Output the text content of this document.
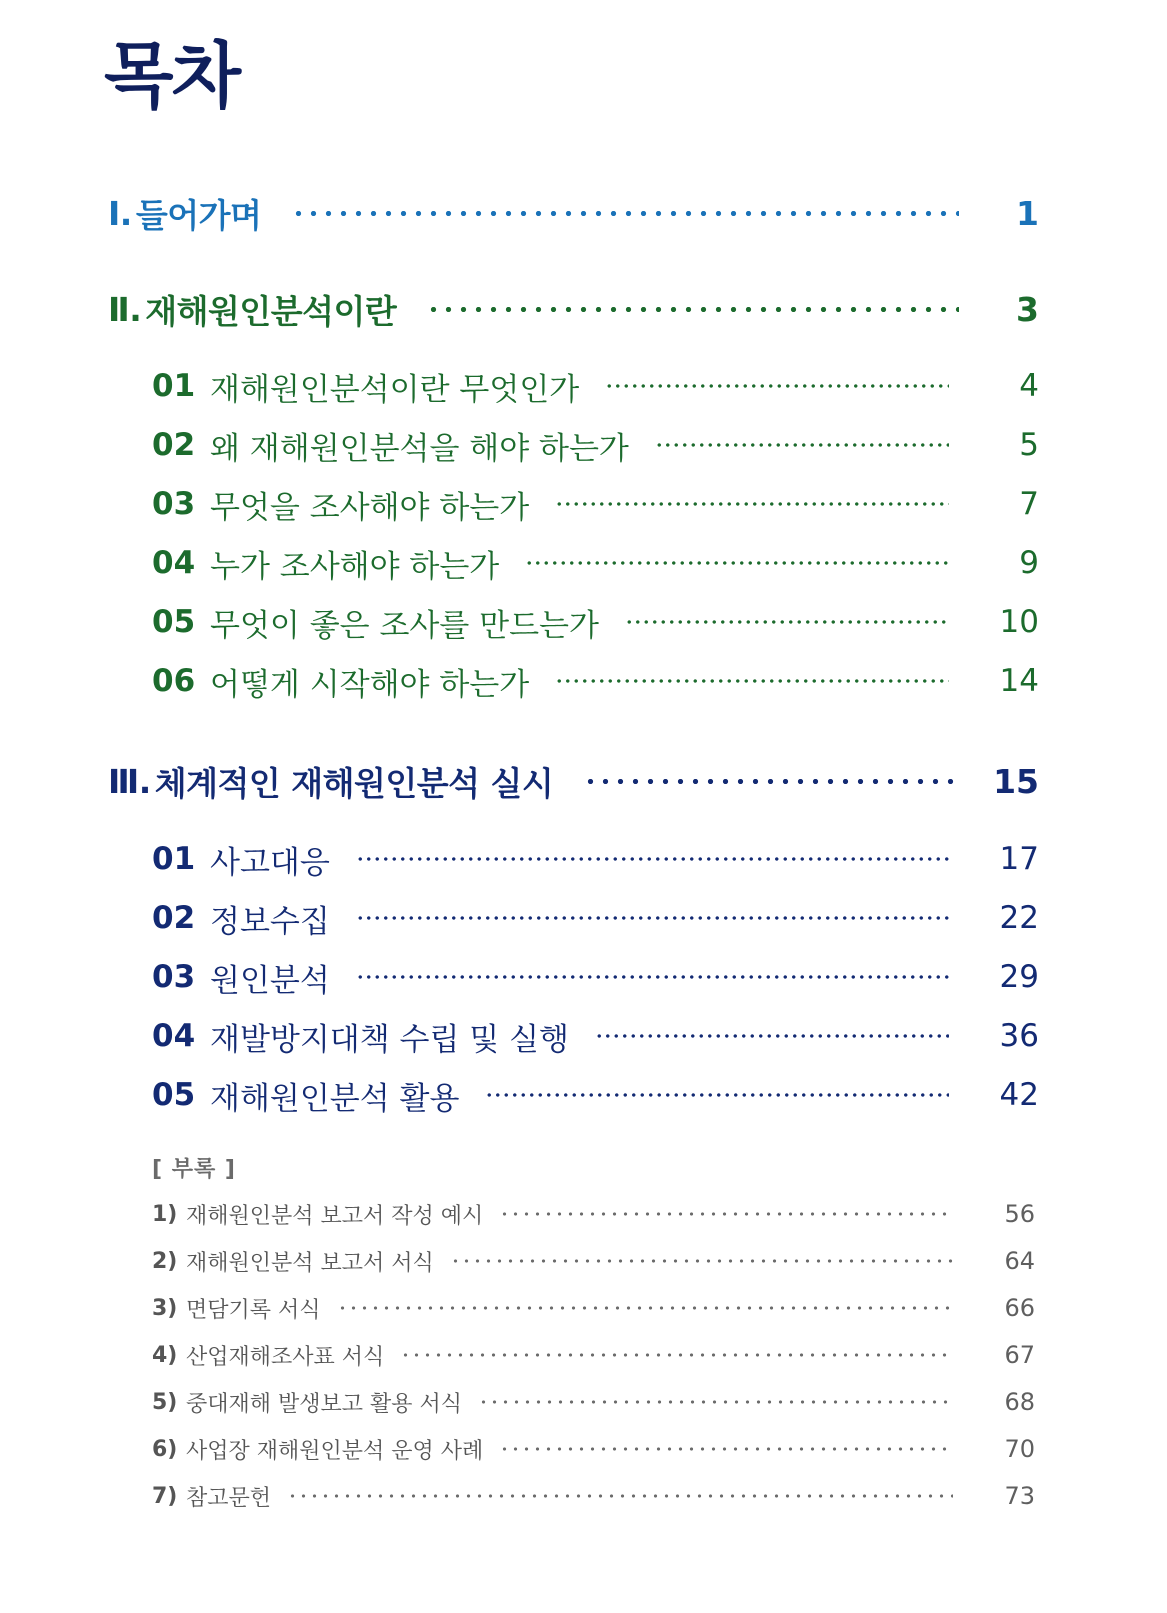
목차
Ⅰ. 들어가며	1
Ⅱ. 재해원인분석이란	3
01 재해원인분석이란 무엇인가	4
02 왜 재해원인분석을 해야 하는가	5
03 무엇을 조사해야 하는가	7
04 누가 조사해야 하는가	9
05 무엇이 좋은 조사를 만드는가	10
06 어떻게 시작해야 하는가	14
Ⅲ. 체계적인 재해원인분석 실시	15
01 사고대응	17
02 정보수집	22
03 원인분석	29
04 재발방지대책 수립 및 실행	36
05 재해원인분석 활용	42
[ 부록 ]
1) 재해원인분석 보고서 작성 예시	56
2) 재해원인분석 보고서 서식	64
3) 면담기록 서식	66
4) 산업재해조사표 서식	67
5) 중대재해 발생보고 활용 서식	68
6) 사업장 재해원인분석 운영 사례	70
7) 참고문헌	73
